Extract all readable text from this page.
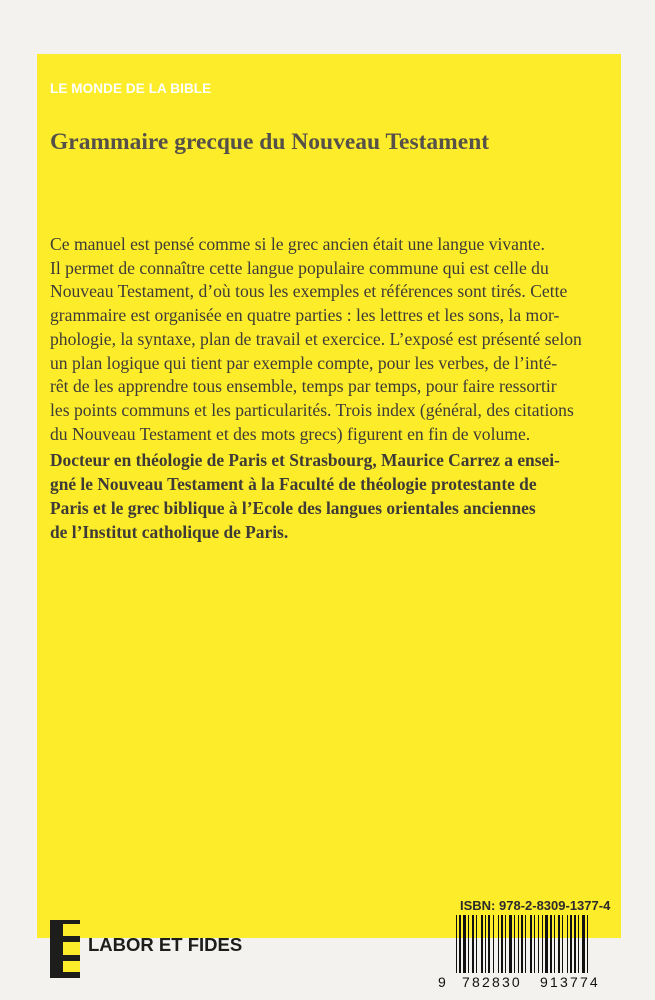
LE MONDE DE LA BIBLE

Grammaire grecque du Nouveau Testament
Ce manuel est pensé comme si le grec ancien était une langue vivante.
Il permet de connaître cette langue populaire commune qui est celle du
Nouveau Testament, d’où tous les exemples et références sont tirés. Cette
grammaire est organisée en quatre parties : les lettres et les sons, la mor-
phologie, la syntaxe, plan de travail et exercice. L’exposé est présenté selon
un plan logique qui tient par exemple compte, pour les verbes, de l’inté-
rêt de les apprendre tous ensemble, temps par temps, pour faire ressortir
les points communs et les particularités. Trois index (général, des citations
du Nouveau Testament et des mots grecs) figurent en fin de volume.
Docteur en théologie de Paris et Strasbourg, Maurice Carrez a ensei-
gné le Nouveau Testament à la Faculté de théologie protestante de
Paris et le grec biblique à l’Ecole des langues orientales anciennes
de l’Institut catholique de Paris.

ISBN: 978-2-8309-1377-4

9 782830 913774

LABOR ET FIDES
